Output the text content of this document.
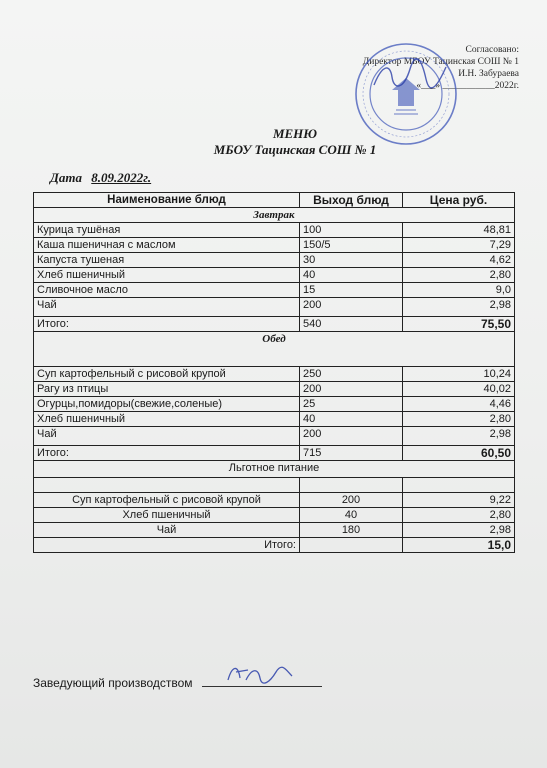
Согласовано:
Директор МБОУ Тацинская СОШ № 1
И.Н. Забураева
«___» ___________2022г.
МЕНЮ
МБОУ Тацинская СОШ № 1
Дата 8.09.2022г.
Наименование блюд	Выход блюд	Цена руб.
Завтрак		
Курица тушёная	100	48,81
Каша пшеничная с маслом	150/5	7,29
Капуста тушеная	30	4,62
Хлеб пшеничный	40	2,80
Сливочное масло	15	9,0
Чай	200	2,98
Итого:	540	75,50
Обед		
Суп картофельный с рисовой крупой	250	10,24
Рагу из птицы	200	40,02
Огурцы,помидоры(свежие,соленые)	25	4,46
Хлеб пшеничный	40	2,80
Чай	200	2,98
Итого:	715	60,50
Льготное питание		

Суп картофельный с рисовой крупой	200	9,22
Хлеб пшеничный	40	2,80
Чай	180	2,98
Итого:		15,0
Заведующий производством
